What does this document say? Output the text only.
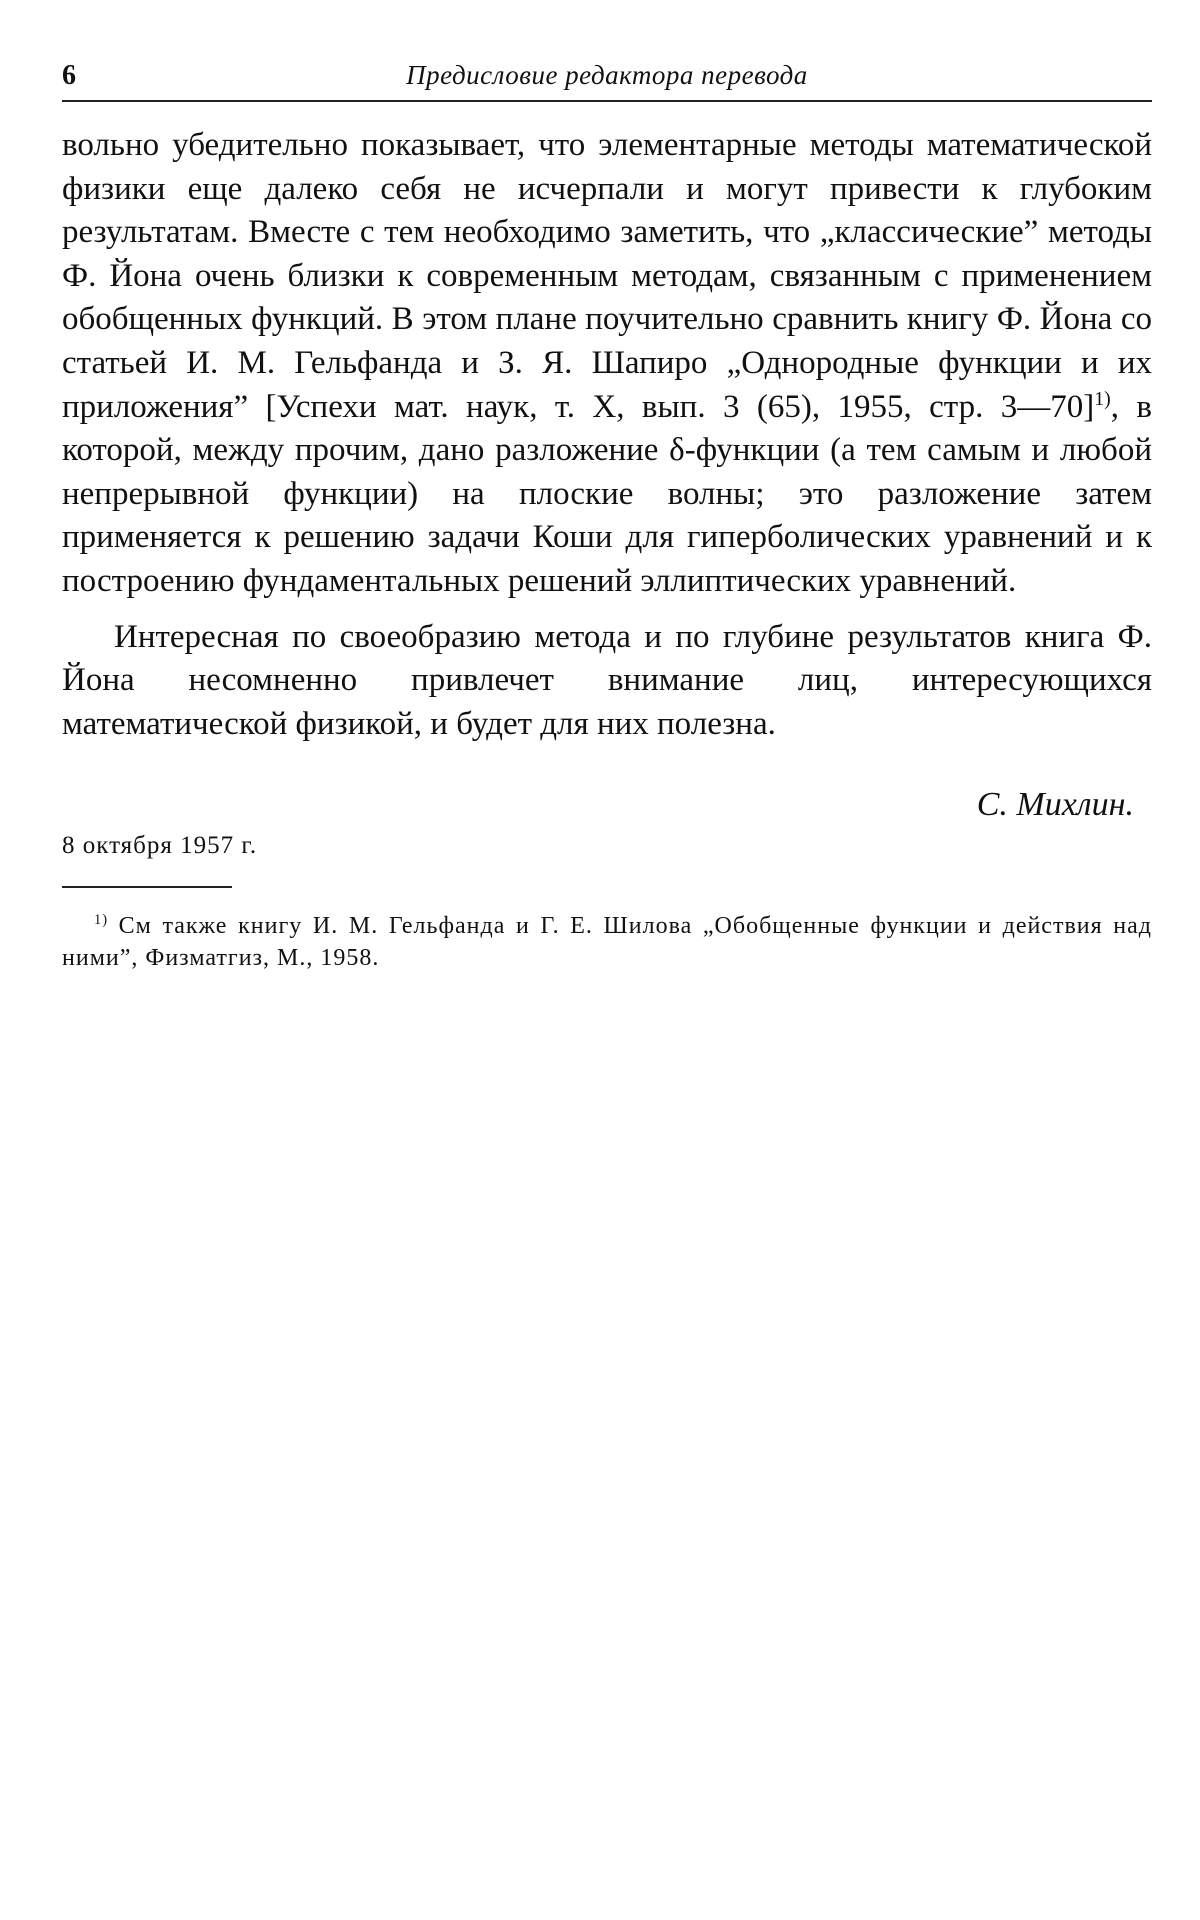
6	Предисловие редактора перевода

вольно убедительно показывает, что элементарные методы математической физики еще далеко себя не исчерпали и могут привести к глубоким результатам. Вместе с тем необходимо заметить, что „классические” методы Ф. Йона очень близки к современным методам, связанным с применением обобщенных функций. В этом плане поучительно сравнить книгу Ф. Йона со статьей И. М. Гельфанда и З. Я. Шапиро „Однородные функции и их приложения” [Успехи мат. наук, т. X, вып. 3 (65), 1955, стр. 3—70]$^{1)}$, в которой, между прочим, дано разложение δ-функции (а тем самым и любой непрерывной функции) на плоские волны; это разложение затем применяется к решению задачи Коши для гиперболических уравнений и к построению фундаментальных решений эллиптических уравнений.

Интересная по своеобразию метода и по глубине результатов книга Ф. Йона несомненно привлечет внимание лиц, интересующихся математической физикой, и будет для них полезна.

С. Михлин.
8 октября 1957 г.
$^{1)}$ См также книгу И. М. Гельфанда и Г. Е. Шилова „Обобщенные функции и действия над ними”, Физматгиз, М., 1958.
